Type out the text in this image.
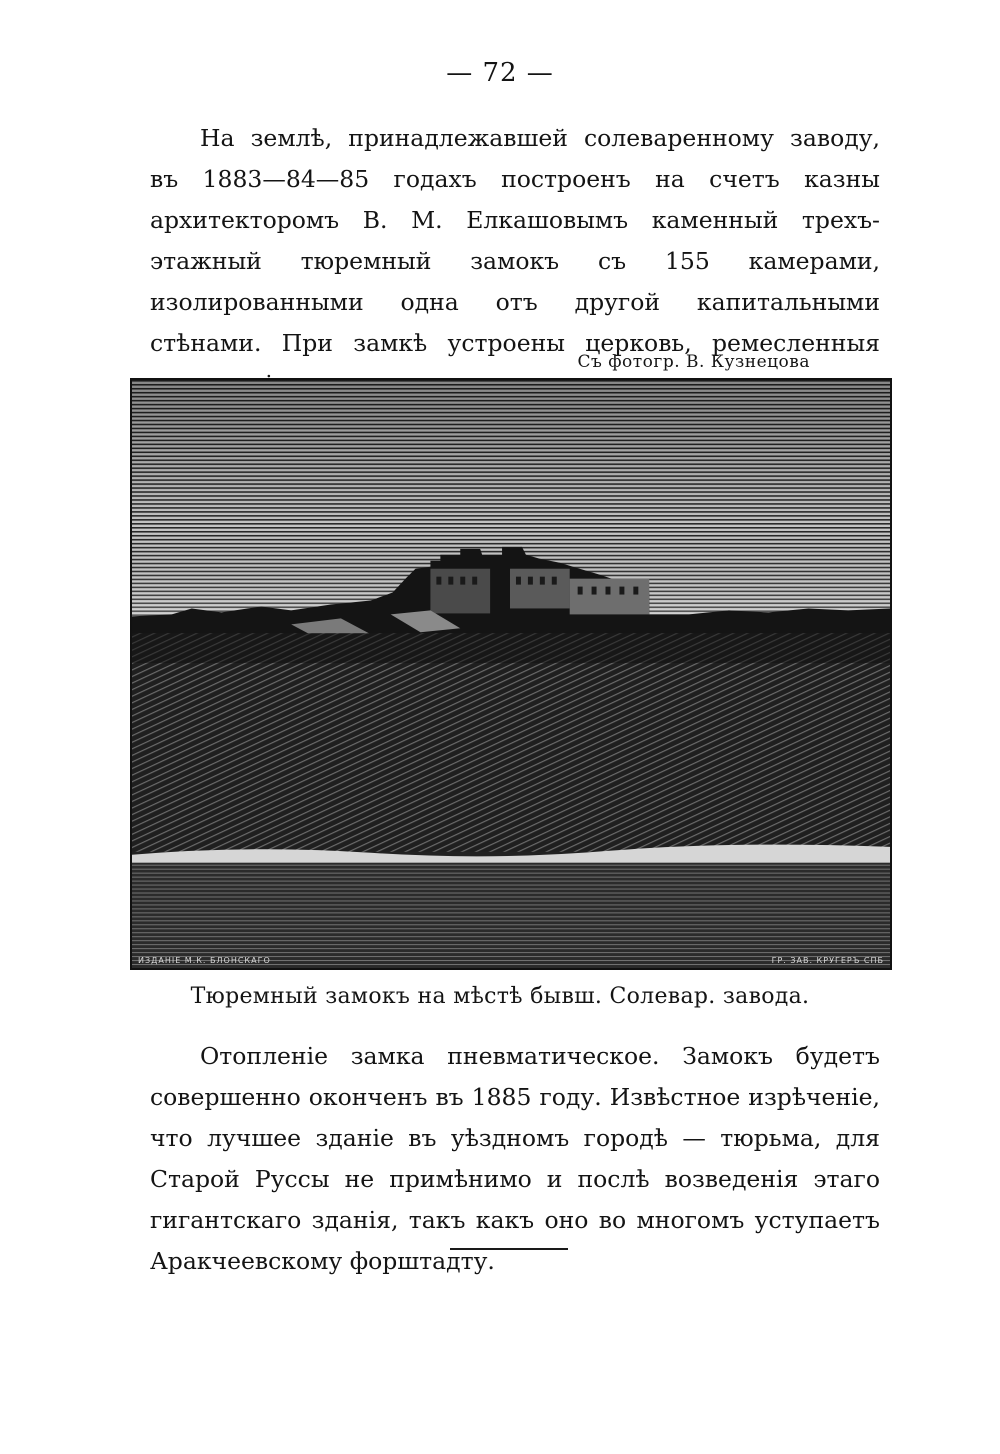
— 72 —

На землѣ, принадлежавшей солеваренному заводу, въ 1883—84—85 годахъ построенъ на счетъ казны архитекторомъ В. М. Елкашовымъ каменный трехъ-этажный тюремный замокъ съ 155 камерами, изолированными одна отъ другой капитальными стѣнами. При замкѣ устроены церковь, ремесленныя

Съ фотогр. В. Кузнецова
ИЗДАНІЕ М.К. БЛОНСКАГО	ГР. ЗАВ. КРУГЕРЪ СПБ
Тюремный замокъ на мѣстѣ бывш. Солевар. завода.

Отопленіе замка пневматическое. Замокъ будетъ совершенно оконченъ въ 1885 году. Извѣстное изрѣченіе, что лучшее зданіе въ уѣздномъ городѣ — тюрьма, для Старой Руссы не примѣнимо и послѣ возведенія этаго гигантскаго зданія, такъ какъ оно во многомъ уступаетъ Аракчеевскому форштадту.
